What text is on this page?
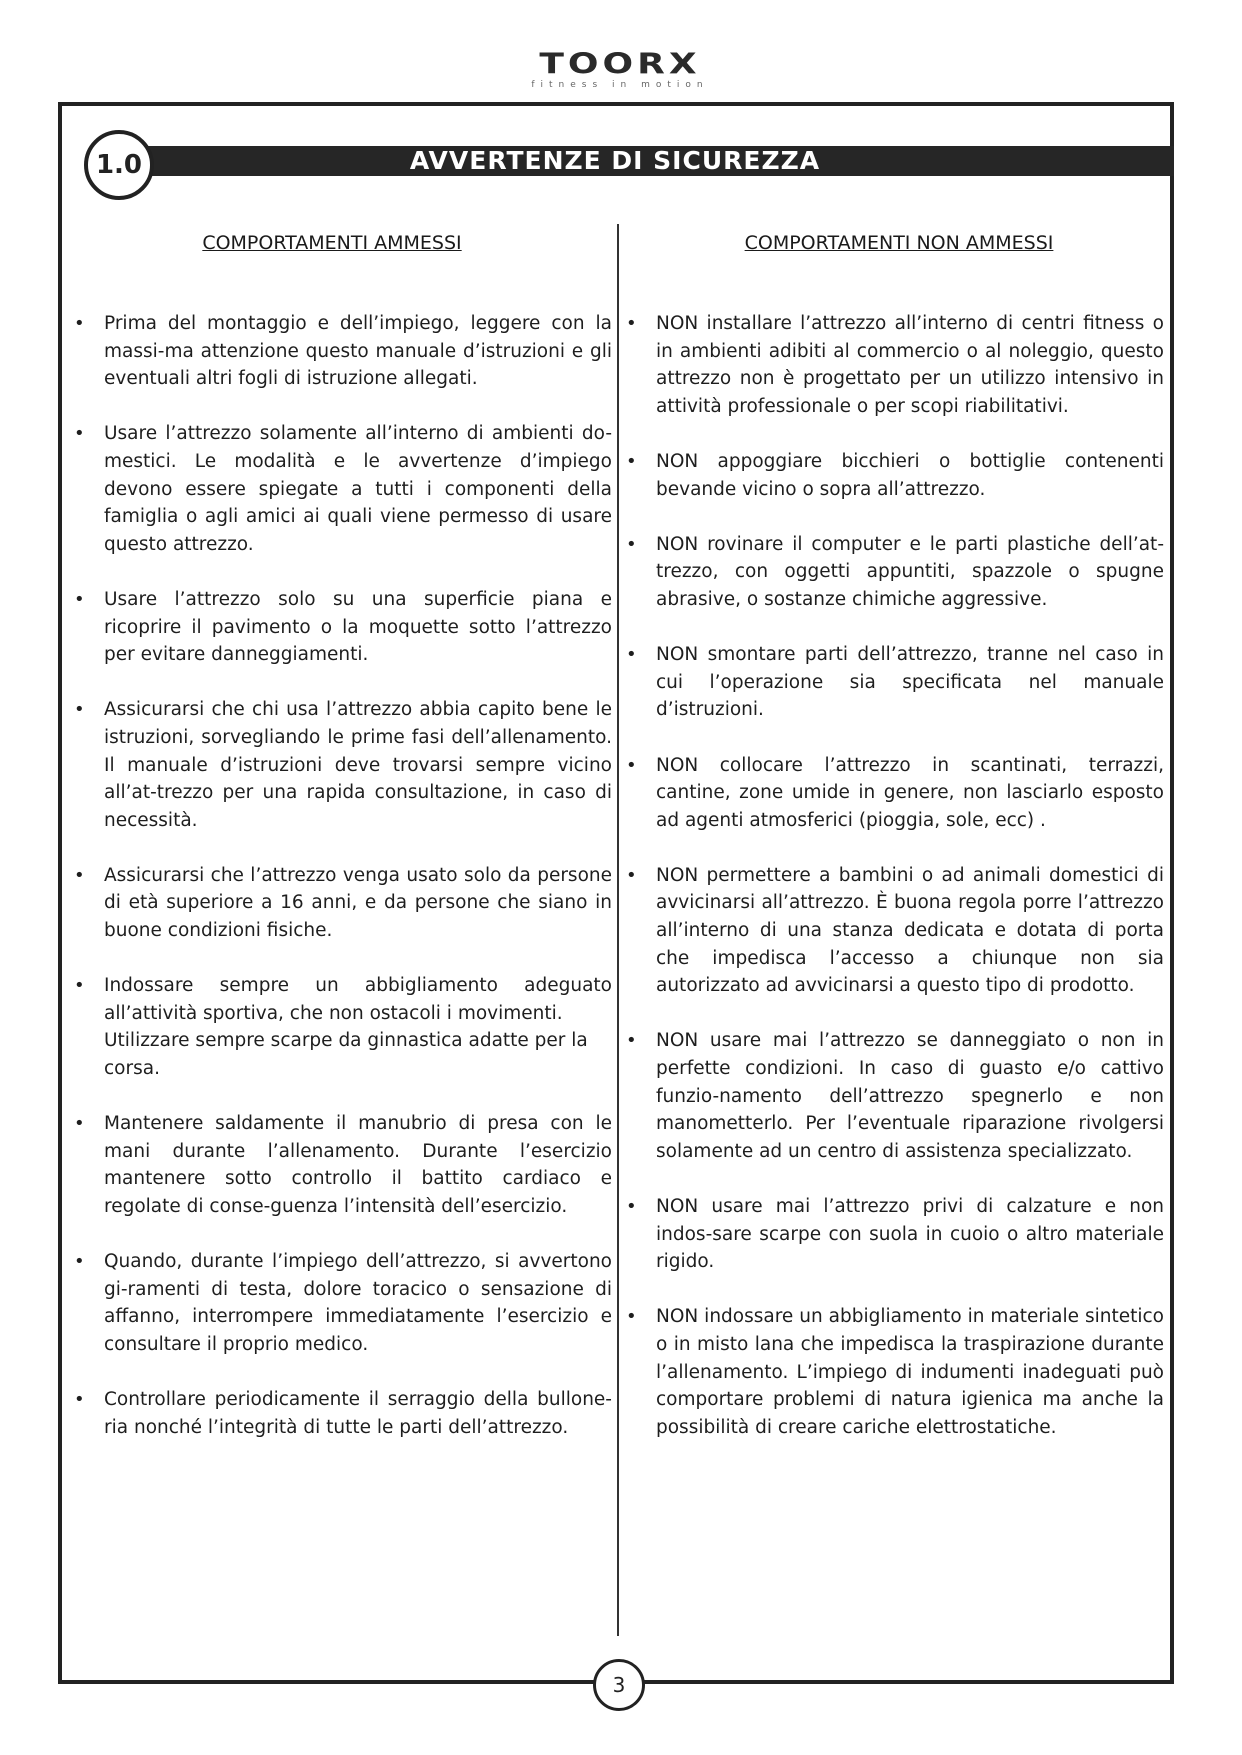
TOORX
fitness in motion
AVVERTENZE DI SICUREZZA
1.0
COMPORTAMENTI AMMESSI
• Prima del montaggio e dell’impiego, leggere con la massi-ma attenzione questo manuale d’istruzioni e gli eventuali altri fogli di istruzione allegati.
• Usare l’attrezzo solamente all’interno di ambienti do-mestici. Le modalità e le avvertenze d’impiego devono essere spiegate a tutti i componenti della famiglia o agli amici ai quali viene permesso di usare questo attrezzo.
• Usare l’attrezzo solo su una superficie piana e ricoprire il pavimento o la moquette sotto l’attrezzo per evitare danneggiamenti.
• Assicurarsi che chi usa l’attrezzo abbia capito bene le istruzioni, sorvegliando le prime fasi dell’allenamento. Il manuale d’istruzioni deve trovarsi sempre vicino all’at-trezzo per una rapida consultazione, in caso di necessità.
• Assicurarsi che l’attrezzo venga usato solo da persone di età superiore a 16 anni, e da persone che siano in buone condizioni fisiche.
• Indossare sempre un abbigliamento adeguato all’attività sportiva, che non ostacoli i movimenti.
Utilizzare sempre scarpe da ginnastica adatte per la corsa.
• Mantenere saldamente il manubrio di presa con le mani durante l’allenamento. Durante l’esercizio mantenere sotto controllo il battito cardiaco e regolate di conse-guenza l’intensità dell’esercizio.
• Quando, durante l’impiego dell’attrezzo, si avvertono gi-ramenti di testa, dolore toracico o sensazione di affanno, interrompere immediatamente l’esercizio e consultare il proprio medico.
• Controllare periodicamente il serraggio della bullone-ria nonché l’integrità di tutte le parti dell’attrezzo.
COMPORTAMENTI NON AMMESSI
• NON installare l’attrezzo all’interno di centri fitness o in ambienti adibiti al commercio o al noleggio, questo attrezzo non è progettato per un utilizzo intensivo in attività professionale o per scopi riabilitativi.
• NON appoggiare bicchieri o bottiglie contenenti bevande vicino o sopra all’attrezzo.
• NON rovinare il computer e le parti plastiche dell’at-trezzo, con oggetti appuntiti, spazzole o spugne abrasive, o sostanze chimiche aggressive.
• NON smontare parti dell’attrezzo, tranne nel caso in cui l’operazione sia specificata nel manuale d’istruzioni.
• NON collocare l’attrezzo in scantinati, terrazzi, cantine, zone umide in genere, non lasciarlo esposto ad agenti atmosferici (pioggia, sole, ecc) .
• NON permettere a bambini o ad animali domestici di avvicinarsi all’attrezzo. È buona regola porre l’attrezzo all’interno di una stanza dedicata e dotata di porta che impedisca l’accesso a chiunque non sia autorizzato ad avvicinarsi a questo tipo di prodotto.
• NON usare mai l’attrezzo se danneggiato o non in perfette condizioni. In caso di guasto e/o cattivo funzio-namento dell’attrezzo spegnerlo e non manometterlo. Per l’eventuale riparazione rivolgersi solamente ad un centro di assistenza specializzato.
• NON usare mai l’attrezzo privi di calzature e non indos-sare scarpe con suola in cuoio o altro materiale rigido.
• NON indossare un abbigliamento in materiale sintetico o in misto lana che impedisca la traspirazione durante l’allenamento. L’impiego di indumenti inadeguati può comportare problemi di natura igienica ma anche la possibilità di creare cariche elettrostatiche.
3
